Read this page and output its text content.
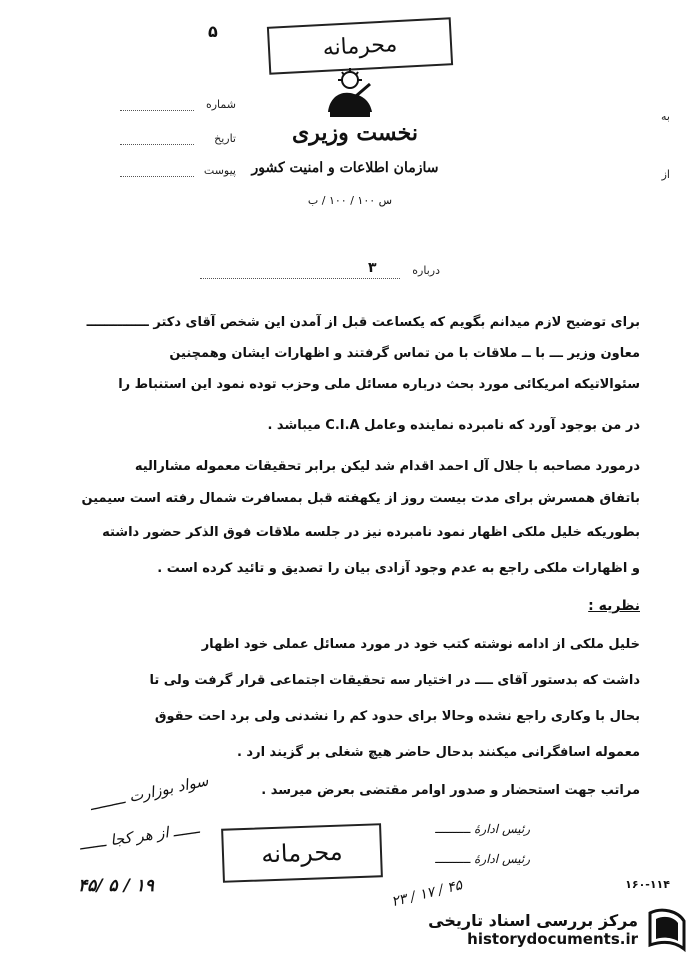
محرمانه
۵
نخست وزیری
سازمان اطلاعات و امنیت کشور
س ۱۰۰ / ۱۰۰ / ب
شماره
تاریخ
پیوست
به
از
درباره
۳
برای توضیح لازم میدانم بگویم که یکساعت قبل از آمدن این شخص آقای دکتر ــــــــــــــ
معاون وزیر ـــ با ــ ملاقات با من تماس گرفتند و اظهارات ایشان وهمچنین
سئوالاتیکه امریکائی مورد بحث درباره مسائل ملی وحزب توده نمود این استنباط را
در من بوجود آورد که نامبرده نماینده وعامل C.I.A میباشد .
درمورد مصاحبه با جلال آل احمد اقدام شد لیکن برابر تحقیقات معموله مشارالیه
باتفاق همسرش برای مدت بیست روز از یکهفته قبل بمسافرت شمال رفته است سیمین
بطوریکه خلیل ملکی اظهار نمود نامبرده نیز در جلسه ملاقات فوق الذکر حضور داشته
و اظهارات ملکی راجع به عدم وجود آزادی بیان را تصدیق و تائید کرده است .
نظریه :
خلیل ملکی از ادامه نوشته کتب خود در مورد مسائل عملی خود اظهار
داشت که بدستور آقای ــــ در اختیار سه تحقیقات اجتماعی قرار گرفت ولی تا
بحال با وکاری راجع نشده وحالا برای حدود کم را نشدنی ولی برد احت حقوق
معموله اسافگرانی میکنند بدحال حاضر هیچ شغلی بر گزیند ارد .
مراتب جهت استحضار و صدور اوامر مقتضی بعرض میرسد .
سواد بوزارت ــــــــ
ــــــ از هر کجا ــــــ
۴۵/ ۵ / ۱۹
رئیس ادارهٔ ــــــــــ
رئیس ادارهٔ ــــــــــ
محرمانه
۲۳ / ۱۷ / ۴۵	۱۶۰-۱۱۴
مرکز بررسی اسناد تاریخی
historydocuments.ir
